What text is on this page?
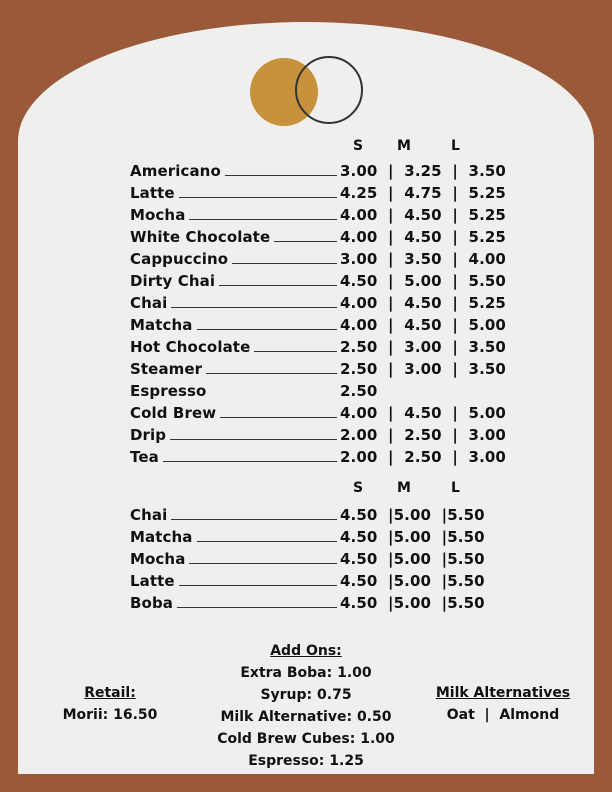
S M	L
Americano	3.00  |  3.25  |  3.50
Latte	4.25  |  4.75  |  5.25
Mocha	4.00  |  4.50  |  5.25
White Chocolate	4.00  |  4.50  |  5.25
Cappuccino	3.00  |  3.50  |  4.00
Dirty Chai	4.50  |  5.00  |  5.50
Chai	4.00  |  4.50  |  5.25
Matcha	4.00  |  4.50  |  5.00
Hot Chocolate	2.50  |  3.00  |  3.50
Steamer	2.50  |  3.00  |  3.50
Espresso	2.50
Cold Brew	4.00  |  4.50  |  5.00
Drip	2.00  |  2.50  |  3.00
Tea	2.00  |  2.50  |  3.00
S M	L
Chai	4.50  |5.00  |5.50
Matcha	4.50  |5.00  |5.50
Mocha	4.50  |5.00  |5.50
Latte	4.50  |5.00  |5.50
Boba	4.50  |5.00  |5.50
Add Ons:
Extra Boba: 1.00
Syrup: 0.75
Milk Alternative: 0.50
Cold Brew Cubes: 1.00
Espresso: 1.25
Retail:
Morii: 16.50
Milk Alternatives
Oat  |  Almond
